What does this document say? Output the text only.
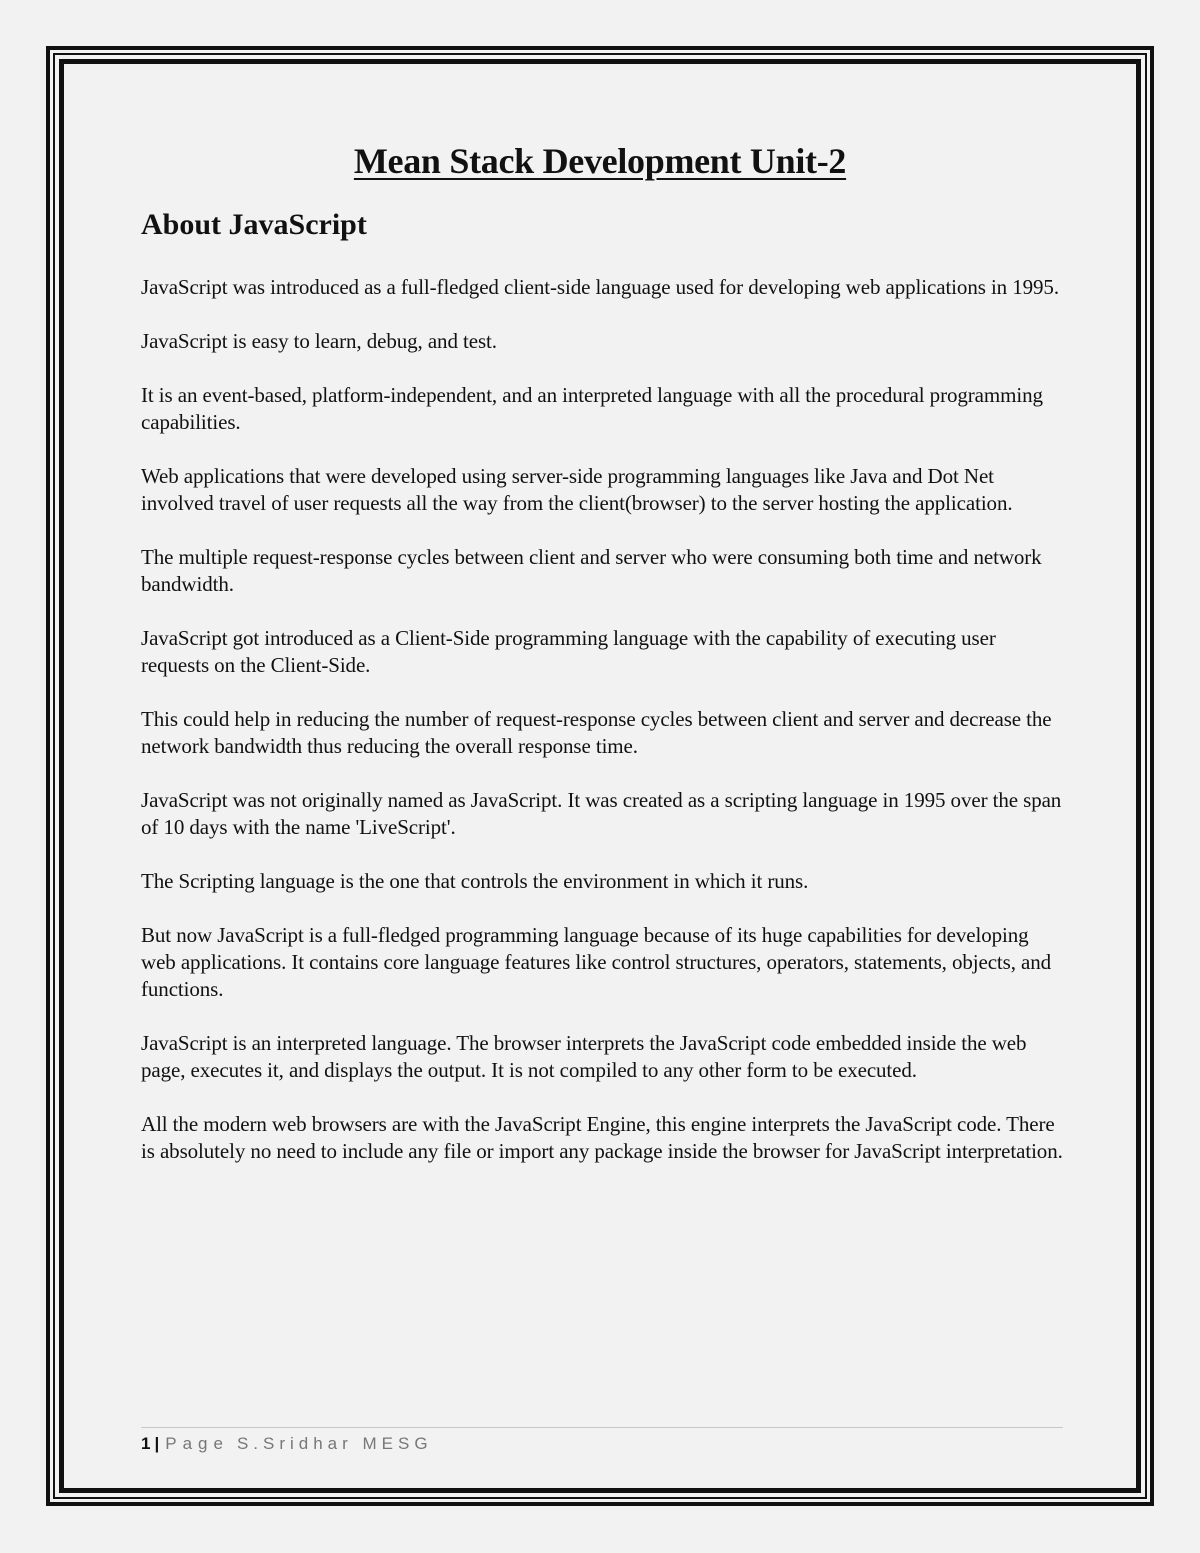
Mean Stack Development Unit-2
About JavaScript

JavaScript was introduced as a full-fledged client-side language used for developing web applications in 1995.

JavaScript is easy to learn, debug, and test.

It is an event-based, platform-independent, and an interpreted language with all the procedural programming capabilities.

Web applications that were developed using server-side programming languages like Java and Dot Net involved travel of user requests all the way from the client(browser) to the server hosting the application.

The multiple request-response cycles between client and server who were consuming both time and network bandwidth.

JavaScript got introduced as a Client-Side programming language with the capability of executing user requests on the Client-Side.

This could help in reducing the number of request-response cycles between client and server and decrease the network bandwidth thus reducing the overall response time.

JavaScript was not originally named as JavaScript. It was created as a scripting language in 1995 over the span of 10 days with the name 'LiveScript'.

The Scripting language is the one that controls the environment in which it runs.

But now JavaScript is a full-fledged programming language because of its huge capabilities for developing web applications. It contains core language features like control structures, operators, statements, objects, and functions.

JavaScript is an interpreted language. The browser interprets the JavaScript code embedded inside the web page, executes it, and displays the output. It is not compiled to any other form to be executed.

All the modern web browsers are with the JavaScript Engine, this engine interprets the JavaScript code. There is absolutely no need to include any file or import any package inside the browser for JavaScript interpretation.

1 | Page S.Sridhar MESG
